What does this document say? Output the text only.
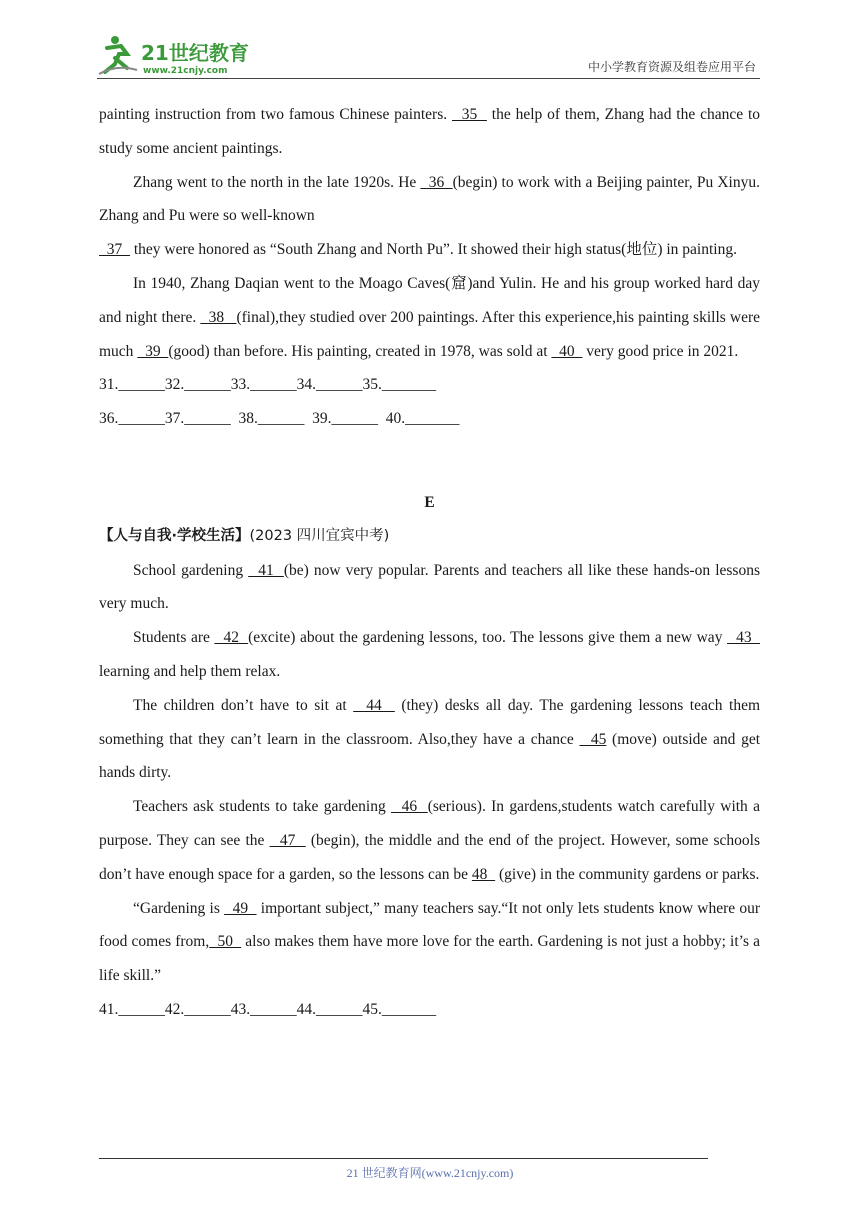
21世纪教育
www.21cnjy.com	中小学教育资源及组卷应用平台

painting instruction from two famous Chinese painters.   35   the help of them, Zhang had the chance to study some ancient paintings.

Zhang went to the north in the late 1920s. He   36  (begin) to work with a Beijing painter, Pu Xinyu. Zhang and Pu were so well-known

37   they were honored as “South Zhang and North Pu”. It showed their high status(地位) in painting.

In 1940, Zhang Daqian went to the Moago Caves(窟)and Yulin. He and his group worked hard day and night there.   38   (final),they studied over 200 paintings. After this experience,his painting skills were much   39  (good) than before. His painting, created in 1978, was sold at   40   very good price in 2021.

31.______32.______33.______34.______35._______

36.______37.______  38.______  39.______  40._______

E

【人与自我·学校生活】(2023 四川宜宾中考)

School gardening   41  (be) now very popular. Parents and teachers all like these hands-on lessons very much.

Students are   42  (excite) about the gardening lessons, too. The lessons give them a new way   43   learning and help them relax.

The children don’t have to sit at   44   (they) desks all day. The gardening lessons teach them something that they can’t learn in the classroom. Also,they have a chance   45 (move) outside and get hands dirty.

Teachers ask students to take gardening   46  (serious). In gardens,students watch carefully with a purpose. They can see the   47   (begin), the middle and the end of the project. However, some schools don’t have enough space for a garden, so the lessons can be 48   (give) in the community gardens or parks.

“Gardening is   49   important subject,” many teachers say.“It not only lets students know where our food comes from,  50   also makes them have more love for the earth. Gardening is not just a hobby; it’s a life skill.”

41.______42.______43.______44.______45._______

21 世纪教育网(www.21cnjy.com)
